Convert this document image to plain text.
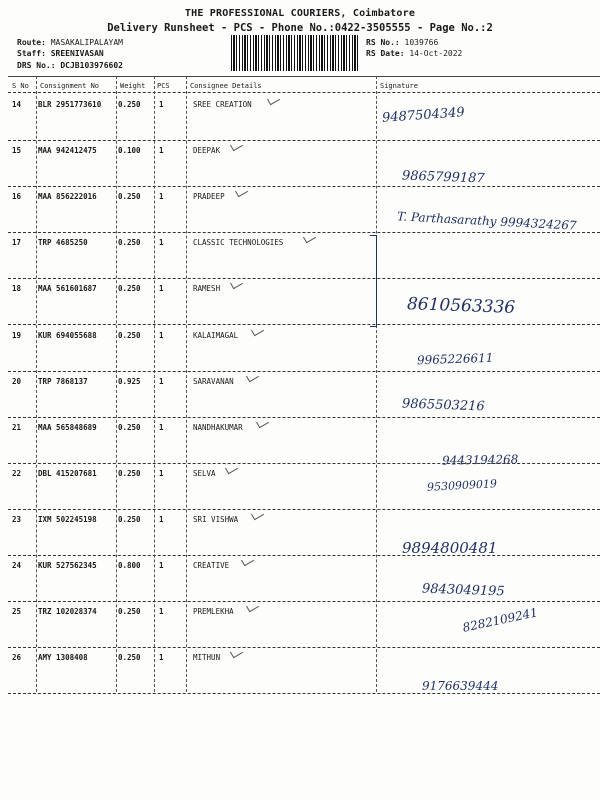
THE PROFESSIONAL COURIERS, Coimbatore
Delivery Runsheet - PCS - Phone No.:0422-3505555 - Page No.:2
Route: MASAKALIPALAYAM
Staff: SREENIVASAN
DRS No.: DCJB103976602
RS No.: 1039766
RS Date: 14-Oct-2022
S No Consignment No	Weight PCS	Consignee Details	Signature
14 BLR 2951773610 0.250 1	SREE CREATION
9487504349
15 MAA 942412475	0.100 1	DEEPAK
9865799187
16 MAA 856222016	0.250 1	PRADEEP
T. Parthasarathy 9994324267
17 TRP 4685250	0.250 1	CLASSIC TECHNOLOGIES
18 MAA 561601687	0.250 1	RAMESH
8610563336
19 KUR 694055688	0.250 1	KALAIMAGAL
9965226611
20 TRP 7868137	0.925 1	SARAVANAN
9865503216
21 MAA 565848689	0.250 1	NANDHAKUMAR
9443194268
22 DBL 415207681	0.250 1	SELVA
9530909019
23 IXM 502245198	0.250 1	SRI VISHWA
9894800481
24 KUR 527562345	0.800 1	CREATIVE
9843049195
25 TRZ 102028374	0.250 1	PREMLEKHA	8282109241
26 AMY 1308408	0.250 1	MITHUN
9176639444
